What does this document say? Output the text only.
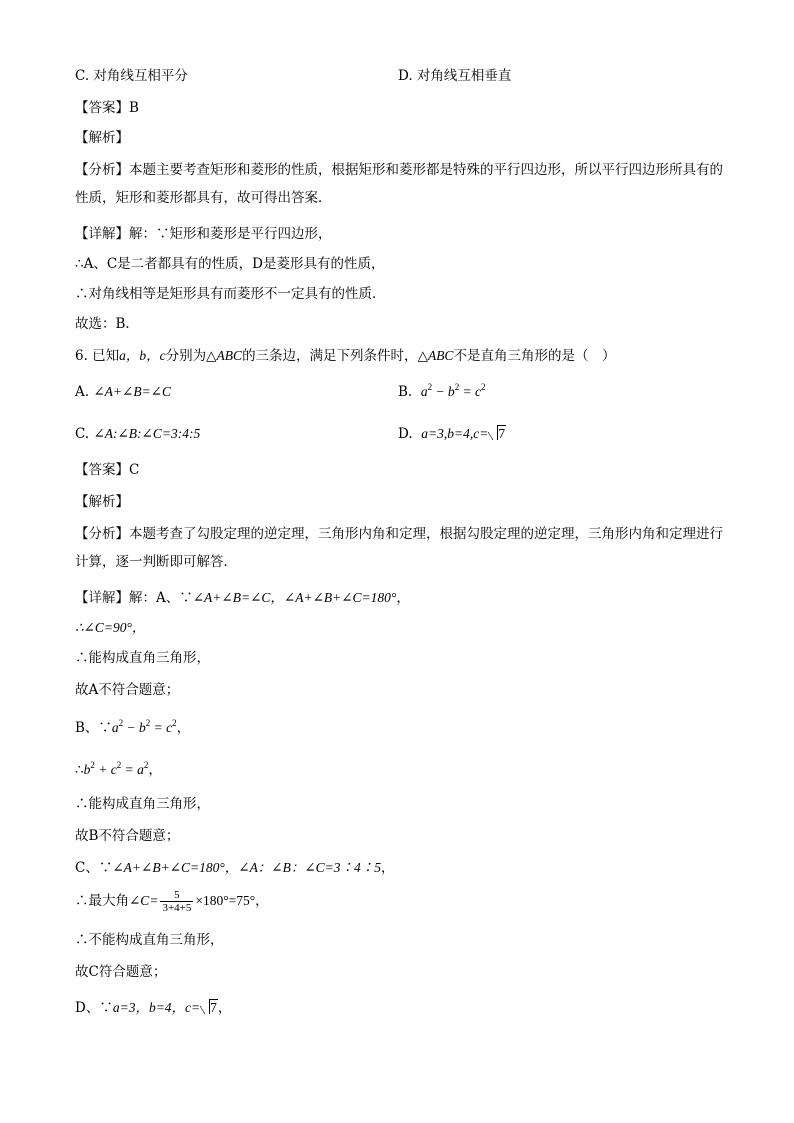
C. 对角线互相平分	D. 对角线互相垂直
【答案】B
【解析】
【分析】本题主要考查矩形和菱形的性质，根据矩形和菱形都是特殊的平行四边形，所以平行四边形所具有的性质，矩形和菱形都具有，故可得出答案．
【详解】解：∵矩形和菱形是平行四边形，
∴A、C是二者都具有的性质，D是菱形具有的性质，
∴对角线相等是矩形具有而菱形不一定具有的性质．
故选：B．
6. 已知a，b，c分别为△ABC的三条边，满足下列条件时，△ABC不是直角三角形的是（　）
A. ∠A+∠B=∠C	B. $a^2 - b^2 = c^2$
C. ∠A:∠B:∠C=3:4:5	D. a=3,b=4,c= 7
【答案】C
【解析】
【分析】本题考查了勾股定理的逆定理，三角形内角和定理，根据勾股定理的逆定理，三角形内角和定理进行计算，逐一判断即可解答．
【详解】解：A、∵∠A+∠B=∠C，∠A+∠B+∠C=180°，
∴∠C=90°，
∴能构成直角三角形，
故A不符合题意；
B、$\because a^2 - b^2 = c^2$，
$\therefore b^2 + c^2 = a^2$，
∴能构成直角三角形，
故B不符合题意；
C、∵∠A+∠B+∠C=180°，∠A：∠B：∠C=3∶4∶5，
∴最大角∠C= $\frac{5}{3+4+5} \times 180^\circ=75^\circ$，
∴不能构成直角三角形，
故C符合题意；
D、∵a=3，b=4，c= 7，
